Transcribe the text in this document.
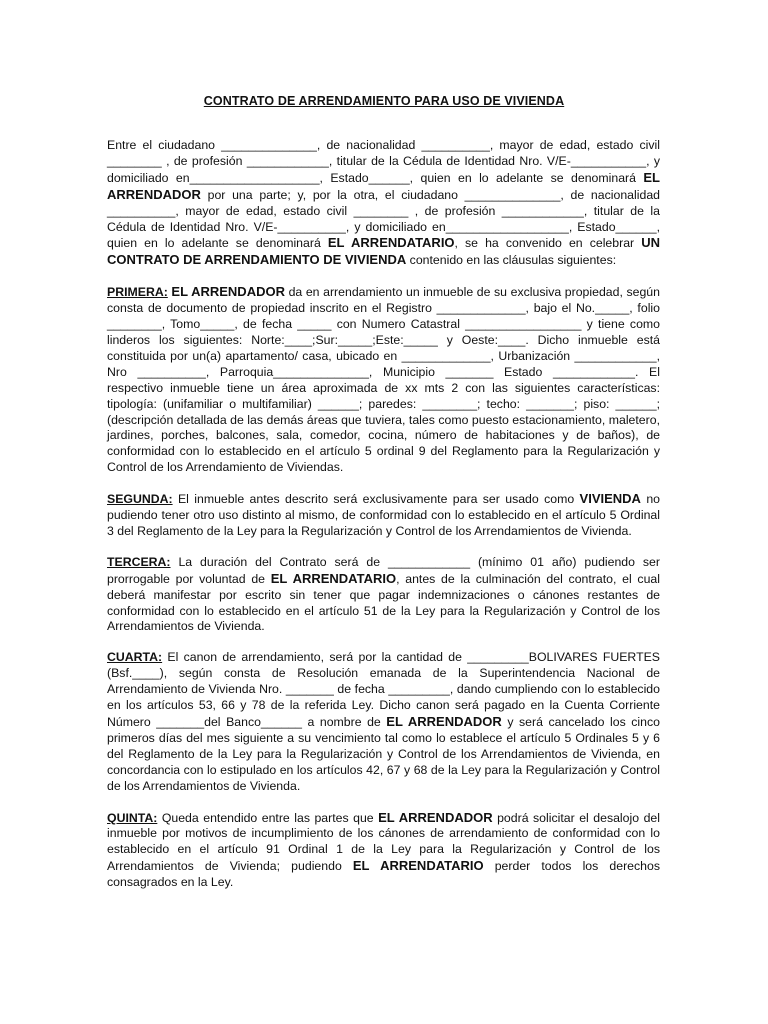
CONTRATO DE ARRENDAMIENTO PARA USO DE VIVIENDA

Entre el ciudadano ______________, de nacionalidad __________, mayor de edad, estado civil ________ , de profesión ____________, titular de la Cédula de Identidad Nro. V/E-___________, y domiciliado en___________________, Estado______, quien en lo adelante se denominará EL ARRENDADOR por una parte; y, por la otra, el ciudadano ______________, de nacionalidad __________, mayor de edad, estado civil ________ , de profesión ____________, titular de la Cédula de Identidad Nro. V/E-__________, y domiciliado en__________________, Estado______, quien en lo adelante se denominará EL ARRENDATARIO, se ha convenido en celebrar UN CONTRATO DE ARRENDAMIENTO DE VIVIENDA contenido en las cláusulas siguientes:

PRIMERA: EL ARRENDADOR da en arrendamiento un inmueble de su exclusiva propiedad, según consta de documento de propiedad inscrito en el Registro _____________, bajo el No._____, folio ________, Tomo_____, de fecha _____ con Numero Catastral _________________ y tiene como linderos los siguientes: Norte:____;Sur:_____;Este:_____ y Oeste:____. Dicho inmueble está constituida por un(a) apartamento/ casa, ubicado en _____________, Urbanización ____________, Nro __________, Parroquia______________, Municipio _______ Estado ____________. El respectivo inmueble tiene un área aproximada de xx mts 2 con las siguientes características: tipología: (unifamiliar o multifamiliar) ______; paredes: ________; techo: _______; piso: ______; (descripción detallada de las demás áreas que tuviera, tales como puesto estacionamiento, maletero, jardines, porches, balcones, sala, comedor, cocina, número de habitaciones y de baños), de conformidad con lo establecido en el artículo 5 ordinal 9 del Reglamento para la Regularización y Control de los Arrendamiento de Viviendas.

SEGUNDA: El inmueble antes descrito será exclusivamente para ser usado como VIVIENDA no pudiendo tener otro uso distinto al mismo, de conformidad con lo establecido en el artículo 5 Ordinal 3 del Reglamento de la Ley para la Regularización y Control de los Arrendamientos de Vivienda.

TERCERA: La duración del Contrato será de ____________ (mínimo 01 año) pudiendo ser prorrogable por voluntad de EL ARRENDATARIO, antes de la culminación del contrato, el cual deberá manifestar por escrito sin tener que pagar indemnizaciones o cánones restantes de conformidad con lo establecido en el artículo 51 de la Ley para la Regularización y Control de los Arrendamientos de Vivienda.

CUARTA: El canon de arrendamiento, será por la cantidad de _________BOLIVARES FUERTES (Bsf.____), según consta de Resolución emanada de la Superintendencia Nacional de Arrendamiento de Vivienda Nro. _______ de fecha _________, dando cumpliendo con lo establecido en los artículos 53, 66 y 78 de la referida Ley. Dicho canon será pagado en la Cuenta Corriente Número _______del Banco______ a nombre de EL ARRENDADOR y será cancelado los cinco primeros días del mes siguiente a su vencimiento tal como lo establece el artículo 5 Ordinales 5 y 6 del Reglamento de la Ley para la Regularización y Control de los Arrendamientos de Vivienda, en concordancia con lo estipulado en los artículos 42, 67 y 68 de la Ley para la Regularización y Control de los Arrendamientos de Vivienda.

QUINTA: Queda entendido entre las partes que EL ARRENDADOR podrá solicitar el desalojo del inmueble por motivos de incumplimiento de los cánones de arrendamiento de conformidad con lo establecido en el artículo 91 Ordinal 1 de la Ley para la Regularización y Control de los Arrendamientos de Vivienda; pudiendo EL ARRENDATARIO perder todos los derechos consagrados en la Ley.
